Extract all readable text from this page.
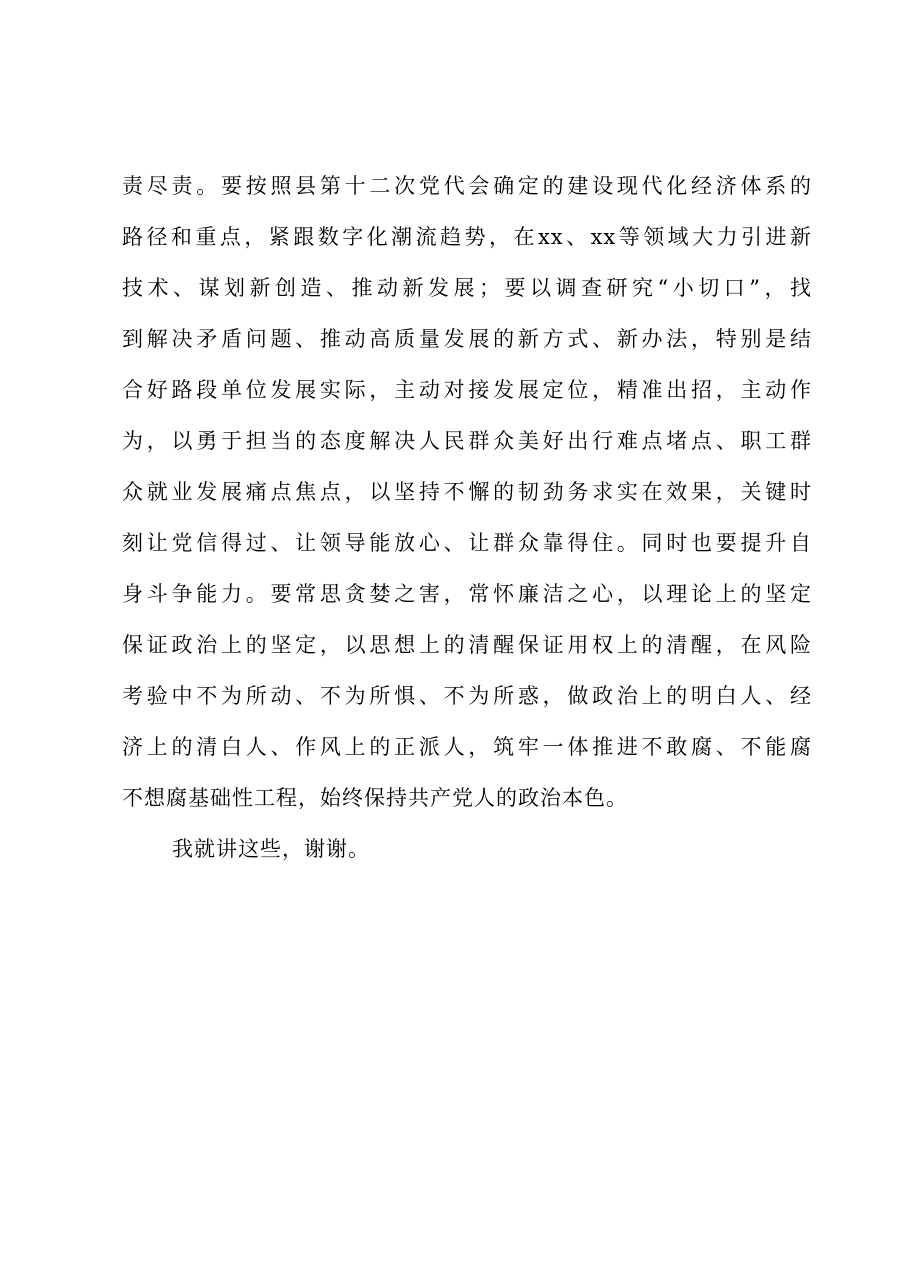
责尽责。要按照县第十二次党代会确定的建设现代化经济体系的
路径和重点，紧跟数字化潮流趋势，在xx、xx等领域大力引进新
技术、谋划新创造、推动新发展；要以调查研究“小切口”，找
到解决矛盾问题、推动高质量发展的新方式、新办法，特别是结
合好路段单位发展实际，主动对接发展定位，精准出招，主动作
为，以勇于担当的态度解决人民群众美好出行难点堵点、职工群
众就业发展痛点焦点，以坚持不懈的韧劲务求实在效果，关键时
刻让党信得过、让领导能放心、让群众靠得住。同时也要提升自
身斗争能力。要常思贪婪之害，常怀廉洁之心，以理论上的坚定
保证政治上的坚定，以思想上的清醒保证用权上的清醒，在风险
考验中不为所动、不为所惧、不为所惑，做政治上的明白人、经
济上的清白人、作风上的正派人，筑牢一体推进不敢腐、不能腐
不想腐基础性工程，始终保持共产党人的政治本色。
我就讲这些，谢谢。
